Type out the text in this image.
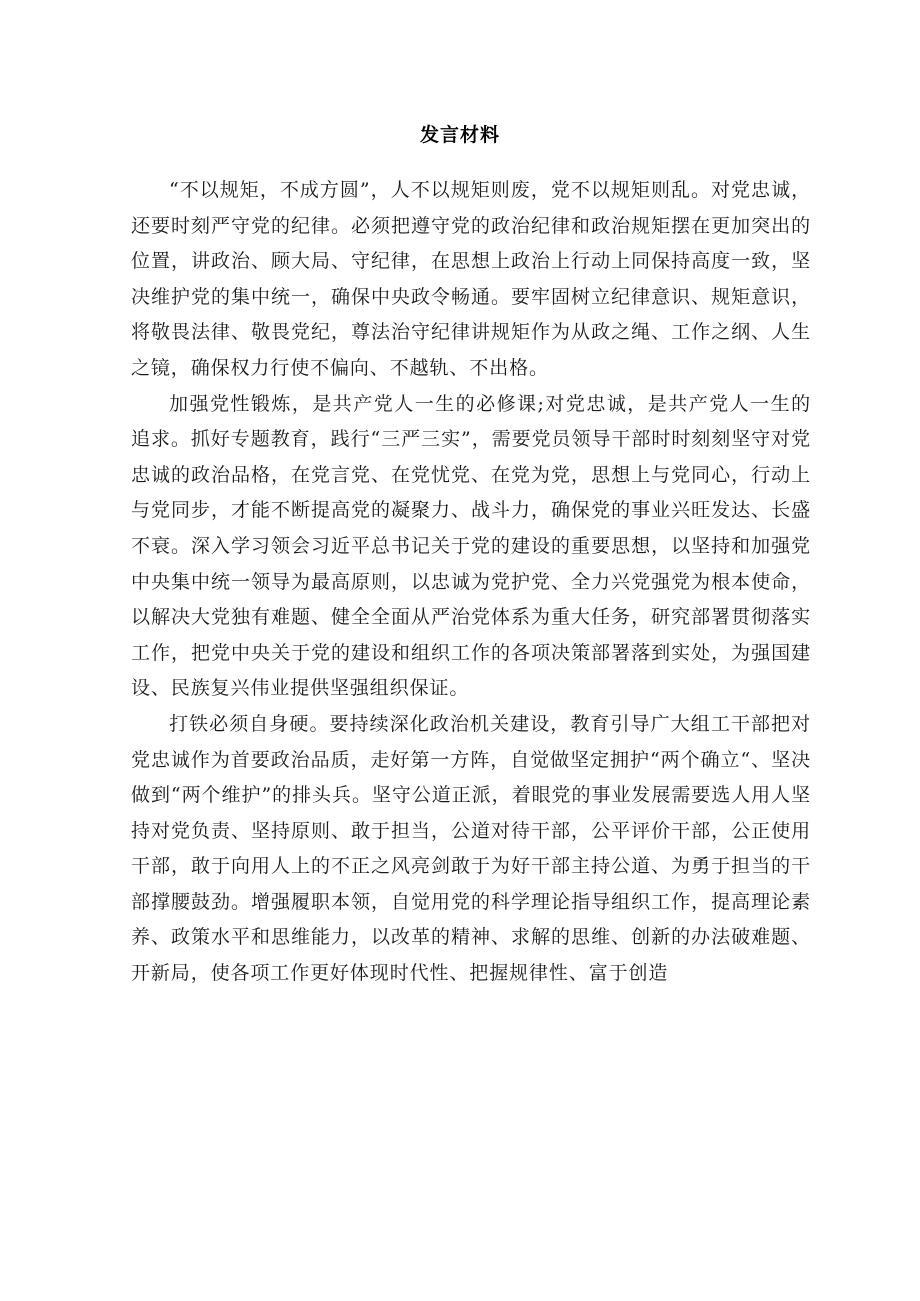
发言材料

“不以规矩，不成方圆”，人不以规矩则废，党不以规矩则乱。对党忠诚，还要时刻严守党的纪律。必须把遵守党的政治纪律和政治规矩摆在更加突出的位置，讲政治、顾大局、守纪律，在思想上政治上行动上同保持高度一致，坚决维护党的集中统一，确保中央政令畅通。要牢固树立纪律意识、规矩意识，将敬畏法律、敬畏党纪，尊法治守纪律讲规矩作为从政之绳、工作之纲、人生之镜，确保权力行使不偏向、不越轨、不出格。

加强党性锻炼，是共产党人一生的必修课;对党忠诚，是共产党人一生的追求。抓好专题教育，践行“三严三实”，需要党员领导干部时时刻刻坚守对党忠诚的政治品格，在党言党、在党忧党、在党为党，思想上与党同心，行动上与党同步，才能不断提高党的凝聚力、战斗力，确保党的事业兴旺发达、长盛不衰。深入学习领会习近平总书记关于党的建设的重要思想，以坚持和加强党中央集中统一领导为最高原则，以忠诚为党护党、全力兴党强党为根本使命，以解决大党独有难题、健全全面从严治党体系为重大任务，研究部署贯彻落实工作，把党中央关于党的建设和组织工作的各项决策部署落到实处，为强国建设、民族复兴伟业提供坚强组织保证。

打铁必须自身硬。要持续深化政治机关建设，教育引导广大组工干部把对党忠诚作为首要政治品质，走好第一方阵，自觉做坚定拥护“两个确立“、坚决做到“两个维护”的排头兵。坚守公道正派，着眼党的事业发展需要选人用人坚持对党负责、坚持原则、敢于担当，公道对待干部，公平评价干部，公正使用干部，敢于向用人上的不正之风亮剑敢于为好干部主持公道、为勇于担当的干部撑腰鼓劲。增强履职本领，自觉用党的科学理论指导组织工作，提高理论素养、政策水平和思维能力，以改革的精神、求解的思维、创新的办法破难题、开新局，使各项工作更好体现时代性、把握规律性、富于创造
